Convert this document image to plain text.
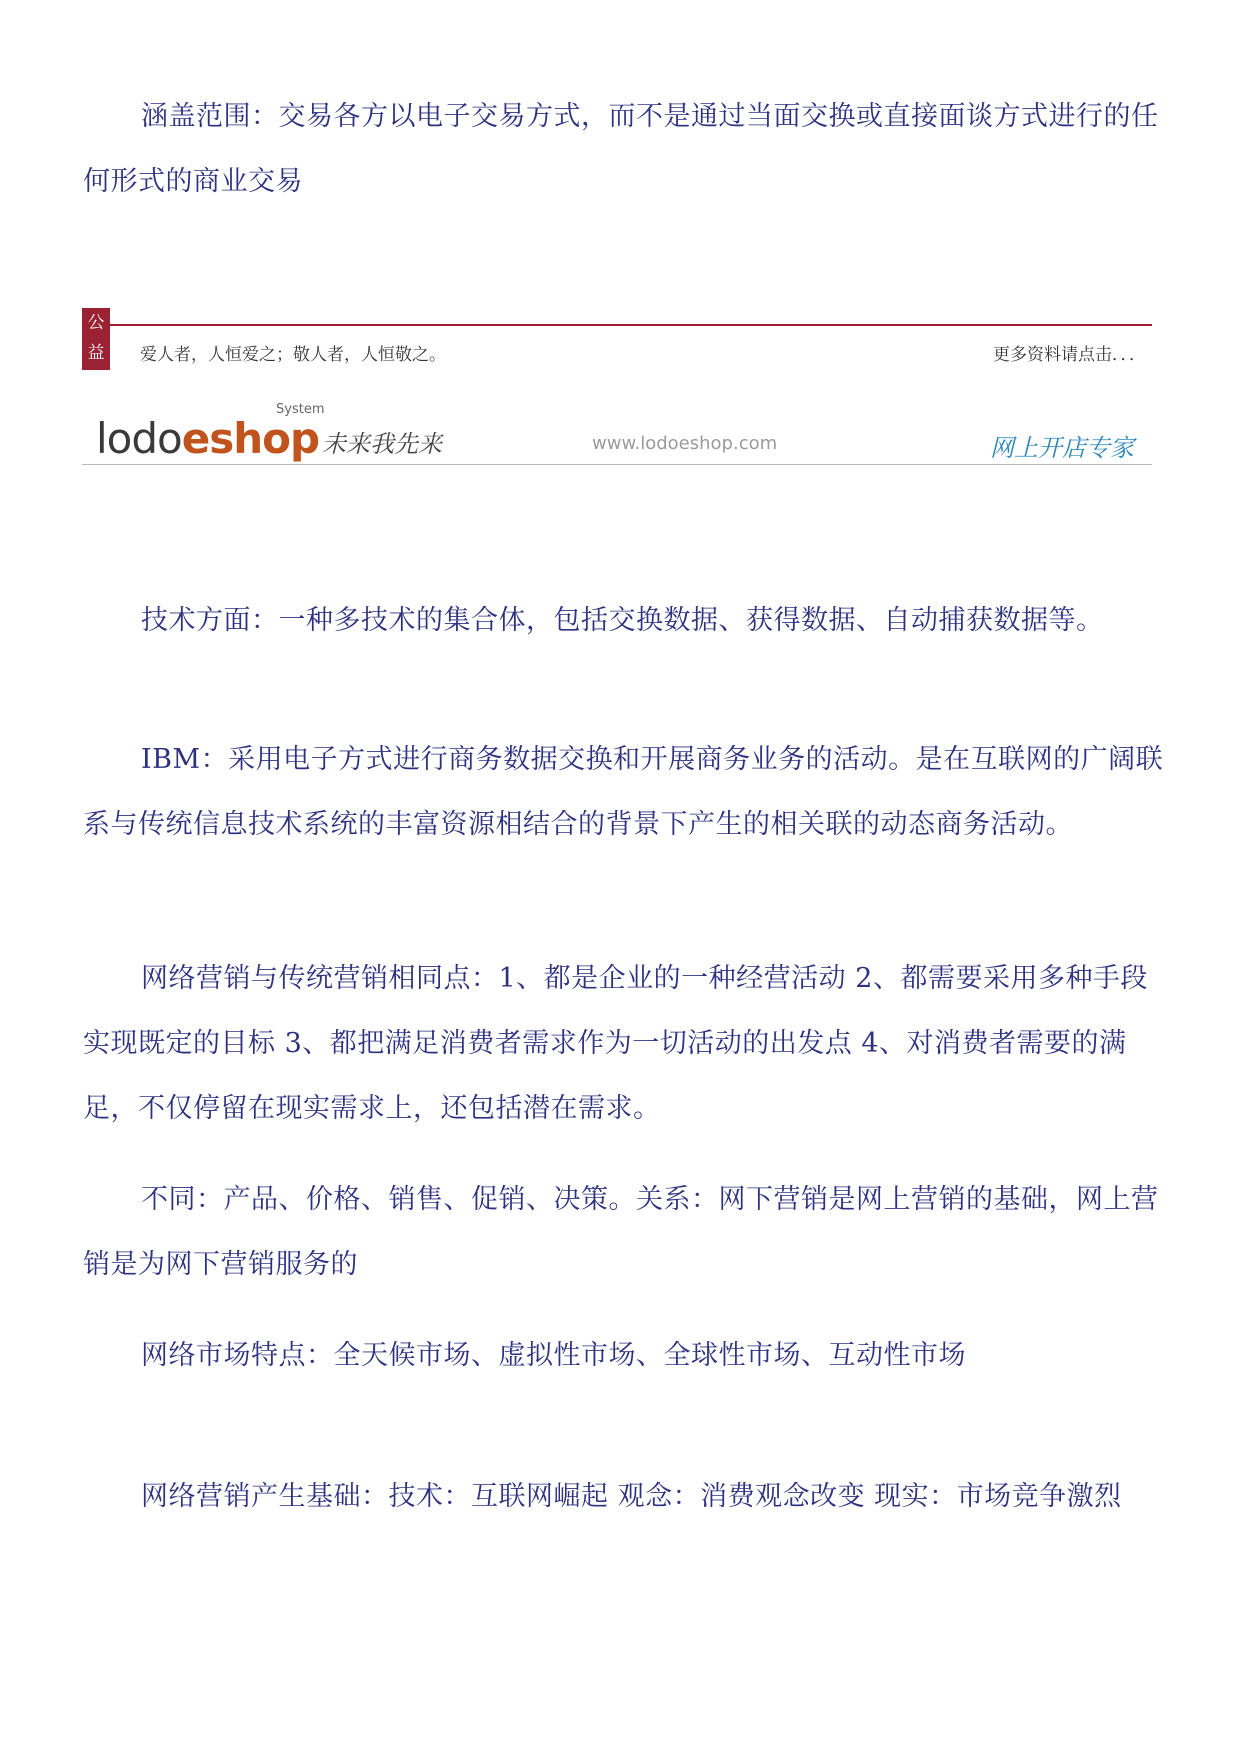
涵盖范围：交易各方以电子交易方式，而不是通过当面交换或直接面谈方式进行的任何形式的商业交易

公
益	爱人者，人恒爱之；敬人者，人恒敬之。	更多资料请点击．．．
lodoeshop
System
未来我先来	www.lodoeshop.com	网上开店专家

技术方面：一种多技术的集合体，包括交换数据、获得数据、自动捕获数据等。

IBM：采用电子方式进行商务数据交换和开展商务业务的活动。是在互联网的广阔联系与传统信息技术系统的丰富资源相结合的背景下产生的相关联的动态商务活动。

网络营销与传统营销相同点：1、都是企业的一种经营活动 2、都需要采用多种手段实现既定的目标 3、都把满足消费者需求作为一切活动的出发点 4、对消费者需要的满足，不仅停留在现实需求上，还包括潜在需求。

不同：产品、价格、销售、促销、决策。关系：网下营销是网上营销的基础，网上营销是为网下营销服务的

网络市场特点：全天候市场、虚拟性市场、全球性市场、互动性市场

网络营销产生基础：技术：互联网崛起 观念：消费观念改变 现实：市场竞争激烈
